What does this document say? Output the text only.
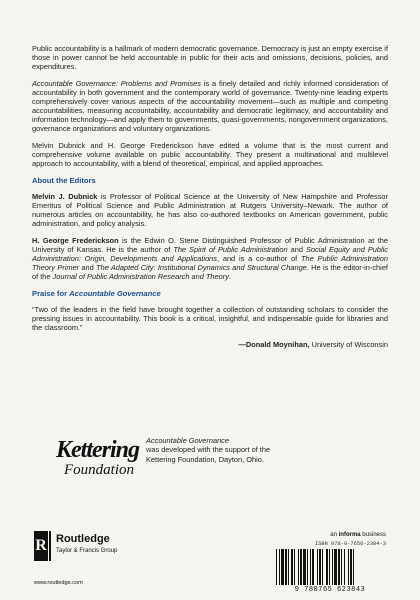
Public accountability is a hallmark of modern democratic governance. Democracy is just an empty exercise if those in power cannot be held accountable in public for their acts and omissions, decisions, policies, and expenditures.

Accountable Governance: Problems and Promises is a finely detailed and richly informed consideration of accountability in both government and the contemporary world of governance. Twenty-nine leading experts comprehensively cover various aspects of the accountability movement—such as multiple and competing accountabilities, measuring accountability, accountability and democratic legitimacy, and accountability and information technology—and apply them to governments, quasi-governments, nongovernment organizations, governance organizations and voluntary organizations.

Melvin Dubnick and H. George Frederickson have edited a volume that is the most current and comprehensive volume available on public accountability. They present a multinational and multilevel approach to accountability, with a blend of theoretical, empirical, and applied approaches.

About the Editors

Melvin J. Dubnick is Professor of Political Science at the University of New Hampshire and Professor Emeritus of Political Science and Public Administration at Rutgers University–Newark. The author of numerous articles on accountability, he has also co-authored textbooks on American government, public administration, and policy analysis.

H. George Frederickson is the Edwin O. Stene Distinguished Professor of Public Administration at the University of Kansas. He is the author of The Spirit of Public Administration and Social Equity and Public Administration: Origin, Developments and Applications, and is a co-author of The Public Administration Theory Primer and The Adapted City: Institutional Dynamics and Structural Change. He is the editor-in-chief of the Journal of Public Administration Research and Theory.

Praise for Accountable Governance

“Two of the leaders in the field have brought together a collection of outstanding scholars to consider the pressing issues in accountability. This book is a critical, insightful, and indispensable guide for libraries and the classroom.”

—Donald Moynihan, University of Wisconsin
Kettering
Foundation
Accountable Governance
was developed with the support of the
Kettering Foundation, Dayton, Ohio.
R Routledge
Taylor & Francis Group
www.routledge.com
an informa business
ISBN 978-0-7656-2384-3
9 780765 623843
